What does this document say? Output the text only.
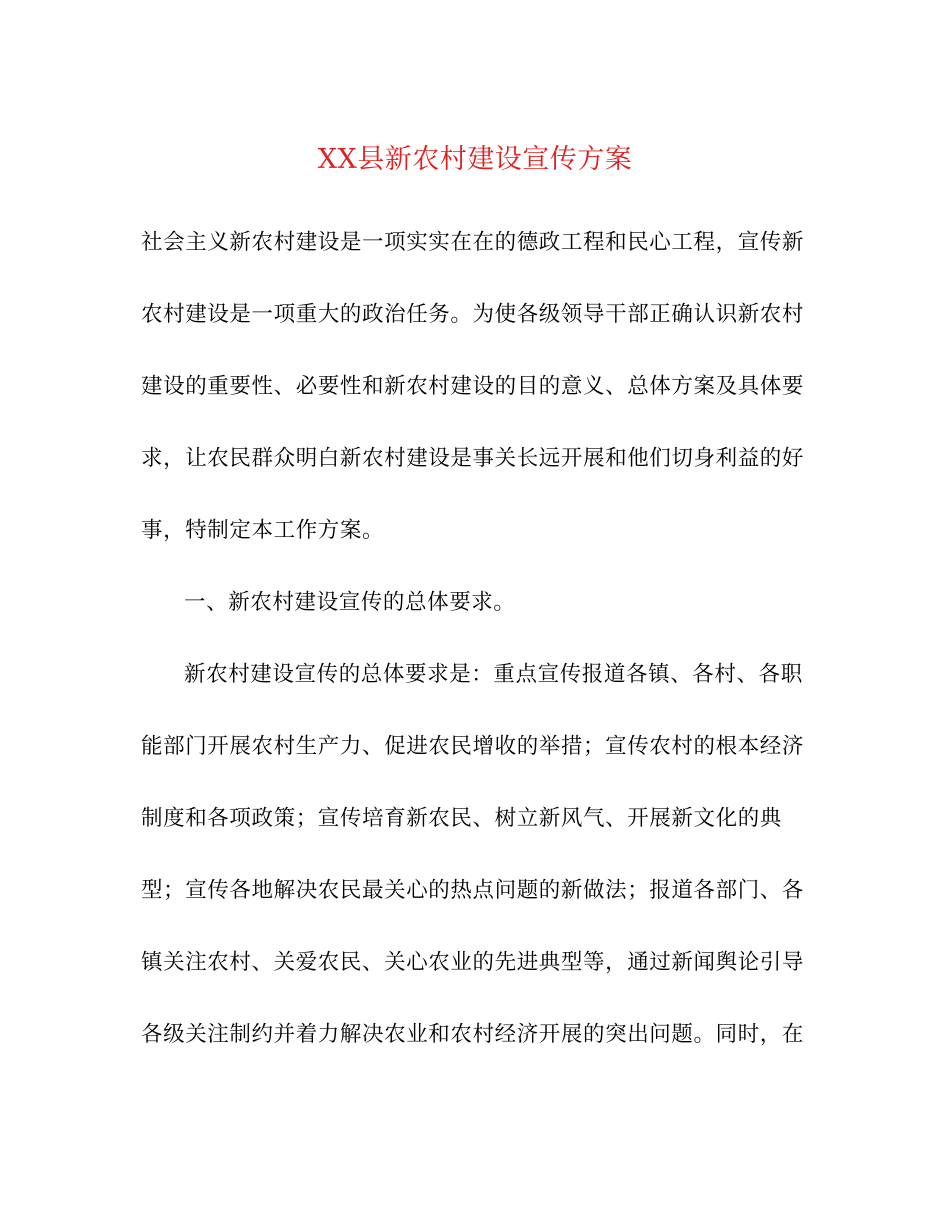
XX县新农村建设宣传方案
社会主义新农村建设是一项实实在在的德政工程和民心工程，宣传新
农村建设是一项重大的政治任务。为使各级领导干部正确认识新农村
建设的重要性、必要性和新农村建设的目的意义、总体方案及具体要
求，让农民群众明白新农村建设是事关长远开展和他们切身利益的好
事，特制定本工作方案。
一、新农村建设宣传的总体要求。
新农村建设宣传的总体要求是：重点宣传报道各镇、各村、各职
能部门开展农村生产力、促进农民增收的举措；宣传农村的根本经济
制度和各项政策；宣传培育新农民、树立新风气、开展新文化的典
型；宣传各地解决农民最关心的热点问题的新做法；报道各部门、各
镇关注农村、关爱农民、关心农业的先进典型等，通过新闻舆论引导
各级关注制约并着力解决农业和农村经济开展的突出问题。同时，在
